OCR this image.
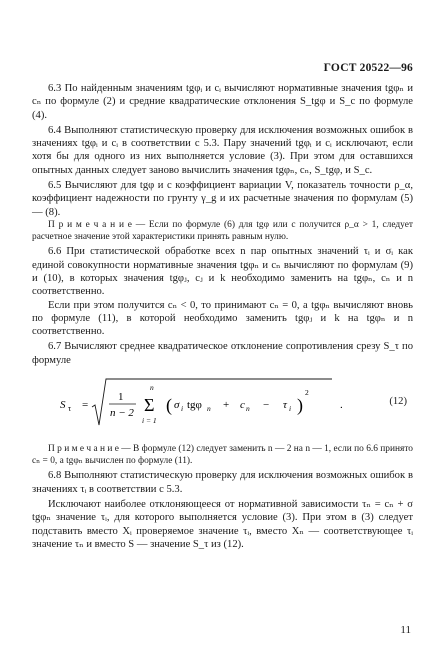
ГОСТ 20522—96

6.3 По найденным значениям tgφᵢ и cᵢ вычисляют нормативные значения tgφₙ и cₙ по формуле (2) и средние квадратические отклонения S_tgφ и S_c по формуле (4).

6.4 Выполняют статистическую проверку для исключения возможных ошибок в значениях tgφᵢ и cᵢ в соответствии с 5.3. Пару значений tgφᵢ и cᵢ исключают, если хотя бы для одного из них выполняется условие (3). При этом для оставшихся опытных данных следует заново вычислить значения tgφₙ, cₙ, S_tgφ, и S_c.

6.5 Вычисляют для tgφ и с коэффициент вариации V, показатель точности ρ_α, коэффициент надежности по грунту γ_g и их расчетные значения по формулам (5) — (8).

П р и м е ч а н и е — Если по формуле (6) для tgφ или c получится ρ_α > 1, следует расчетное значение этой характеристики принять равным нулю.

6.6 При статистической обработке всех n пар опытных значений τᵢ и σᵢ как единой совокупности нормативные значения tgφₙ и cₙ вычисляют по формулам (9) и (10), в которых значения tgφⱼ, cⱼ и k необходимо заменить на tgφₙ, cₙ и n соответственно.

Если при этом получится cₙ < 0, то принимают cₙ = 0, а tgφₙ вычисляют вновь по формуле (11), в которой необходимо заменить tgφⱼ и k на tgφₙ и n соответственно.

6.7 Вычисляют среднее квадратическое отклонение сопротивления срезу S_τ по формуле

S τ =
1
n − 2
n
Σ
i = 1
( σ i tgφ n + c n − τ i )
2
.	(12)

П р и м е ч а н и е — В формуле (12) следует заменить n — 2 на n — 1, если по 6.6 принято cₙ = 0, а tgφₙ вычислен по формуле (11).

6.8 Выполняют статистическую проверку для исключения возможных ошибок в значениях τᵢ в соответствии с 5.3.

Исключают наиболее отклоняющееся от нормативной зависимости τₙ = cₙ + σ tgφₙ значение τᵢ, для которого выполняется условие (3). При этом в (3) следует подставить вместо Xᵢ проверяемое значение τᵢ, вместо Xₙ — соответствующее τᵢ значение τₙ и вместо S — значение S_τ из (12).

11
